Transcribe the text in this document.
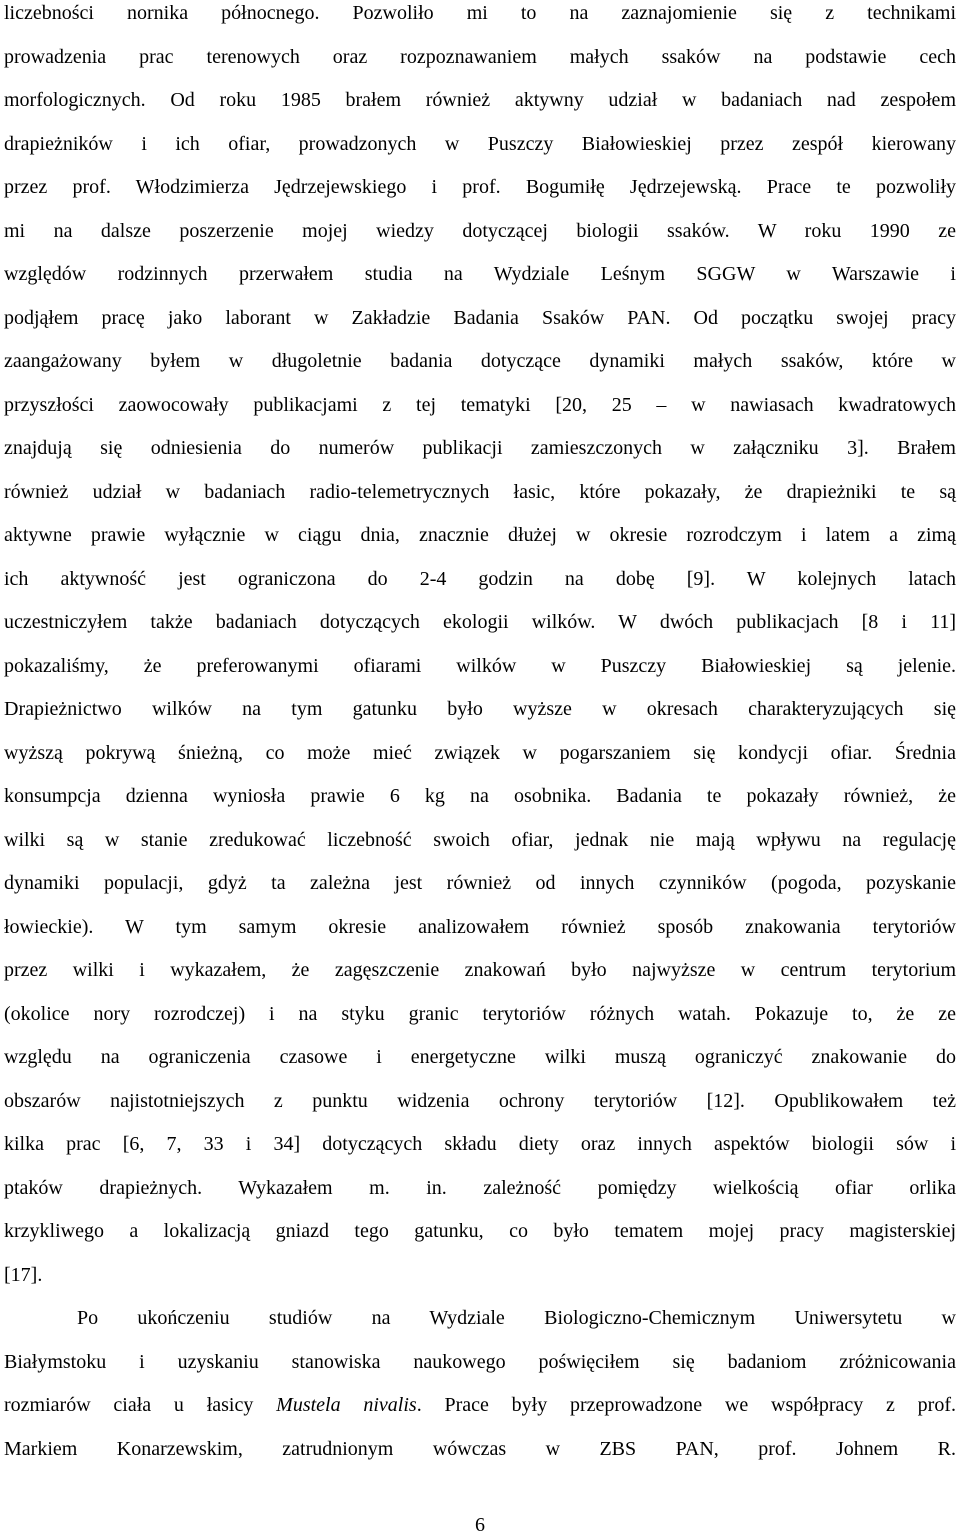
liczebności nornika północnego. Pozwoliło mi to na zaznajomienie się z technikami
prowadzenia prac terenowych oraz rozpoznawaniem małych ssaków na podstawie cech
morfologicznych. Od roku 1985 brałem również aktywny udział w badaniach nad zespołem
drapieżników i ich ofiar, prowadzonych w Puszczy Białowieskiej przez zespół kierowany
przez prof. Włodzimierza Jędrzejewskiego i prof. Bogumiłę Jędrzejewską. Prace te pozwoliły
mi na dalsze poszerzenie mojej wiedzy dotyczącej biologii ssaków. W roku 1990 ze
względów rodzinnych przerwałem studia na Wydziale Leśnym SGGW w Warszawie i
podjąłem pracę jako laborant w Zakładzie Badania Ssaków PAN. Od początku swojej pracy
zaangażowany byłem w długoletnie badania dotyczące dynamiki małych ssaków, które w
przyszłości zaowocowały publikacjami z tej tematyki [20, 25 – w nawiasach kwadratowych
znajdują się odniesienia do numerów publikacji zamieszczonych w załączniku 3]. Brałem
również udział w badaniach radio-telemetrycznych łasic, które pokazały, że drapieżniki te są
aktywne prawie wyłącznie w ciągu dnia, znacznie dłużej w okresie rozrodczym i latem a zimą
ich aktywność jest ograniczona do 2-4 godzin na dobę [9]. W kolejnych latach
uczestniczyłem także badaniach dotyczących ekologii wilków. W dwóch publikacjach [8 i 11]
pokazaliśmy, że preferowanymi ofiarami wilków w Puszczy Białowieskiej są jelenie.
Drapieżnictwo wilków na tym gatunku było wyższe w okresach charakteryzujących się
wyższą pokrywą śnieżną, co może mieć związek w pogarszaniem się kondycji ofiar. Średnia
konsumpcja dzienna wyniosła prawie 6 kg na osobnika. Badania te pokazały również, że
wilki są w stanie zredukować liczebność swoich ofiar, jednak nie mają wpływu na regulację
dynamiki populacji, gdyż ta zależna jest również od innych czynników (pogoda, pozyskanie
łowieckie). W tym samym okresie analizowałem również sposób znakowania terytoriów
przez wilki i wykazałem, że zagęszczenie znakowań było najwyższe w centrum terytorium
(okolice nory rozrodczej) i na styku granic terytoriów różnych watah. Pokazuje to, że ze
względu na ograniczenia czasowe i energetyczne wilki muszą ograniczyć znakowanie do
obszarów najistotniejszych z punktu widzenia ochrony terytoriów [12]. Opublikowałem też
kilka prac [6, 7, 33 i 34] dotyczących składu diety oraz innych aspektów biologii sów i
ptaków drapieżnych. Wykazałem m. in. zależność pomiędzy wielkością ofiar orlika
krzykliwego a lokalizacją gniazd tego gatunku, co było tematem mojej pracy magisterskiej
[17].
Po ukończeniu studiów na Wydziale Biologiczno-Chemicznym Uniwersytetu w
Białymstoku i uzyskaniu stanowiska naukowego poświęciłem się badaniom zróżnicowania
rozmiarów ciała u łasicy Mustela nivalis. Prace były przeprowadzone we współpracy z prof.
Markiem Konarzewskim, zatrudnionym wówczas w ZBS PAN, prof. Johnem R.
6
